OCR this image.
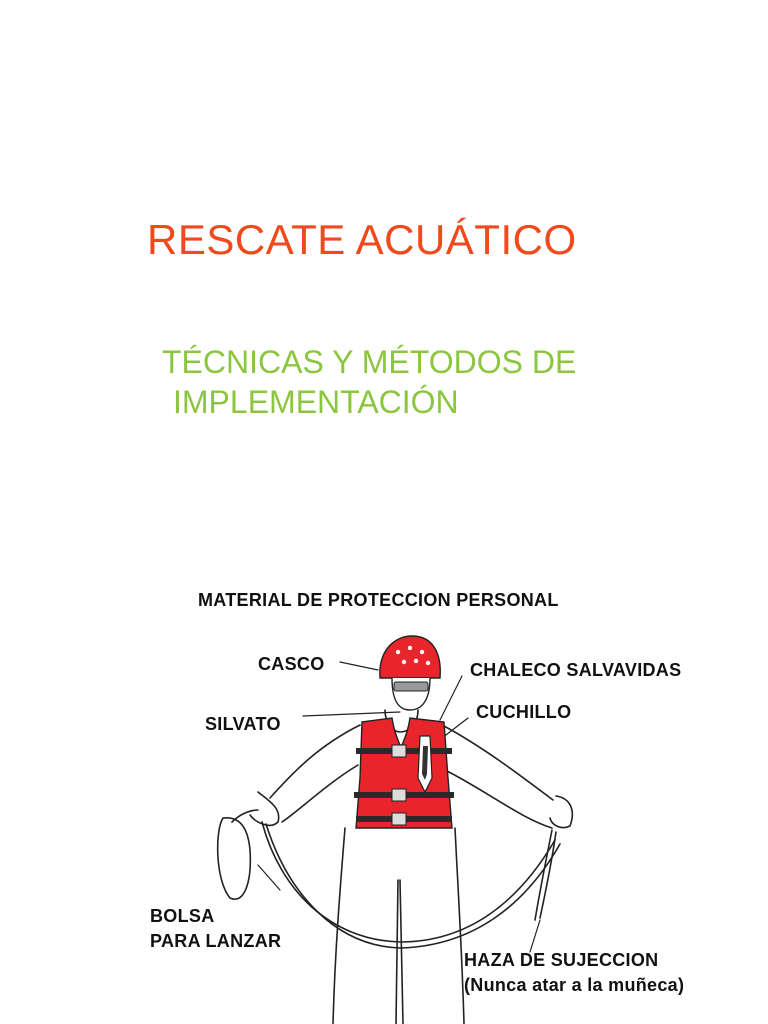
RESCATE ACUÁTICO
TÉCNICAS Y MÉTODOS DE
IMPLEMENTACIÓN
MATERIAL DE PROTECCION PERSONAL
CASCO	CHALECO SALVAVIDAS
SILVATO
CUCHILLO
BOLSA
PARA LANZAR
HAZA DE SUJECCION
(Nunca atar a la muñeca)
